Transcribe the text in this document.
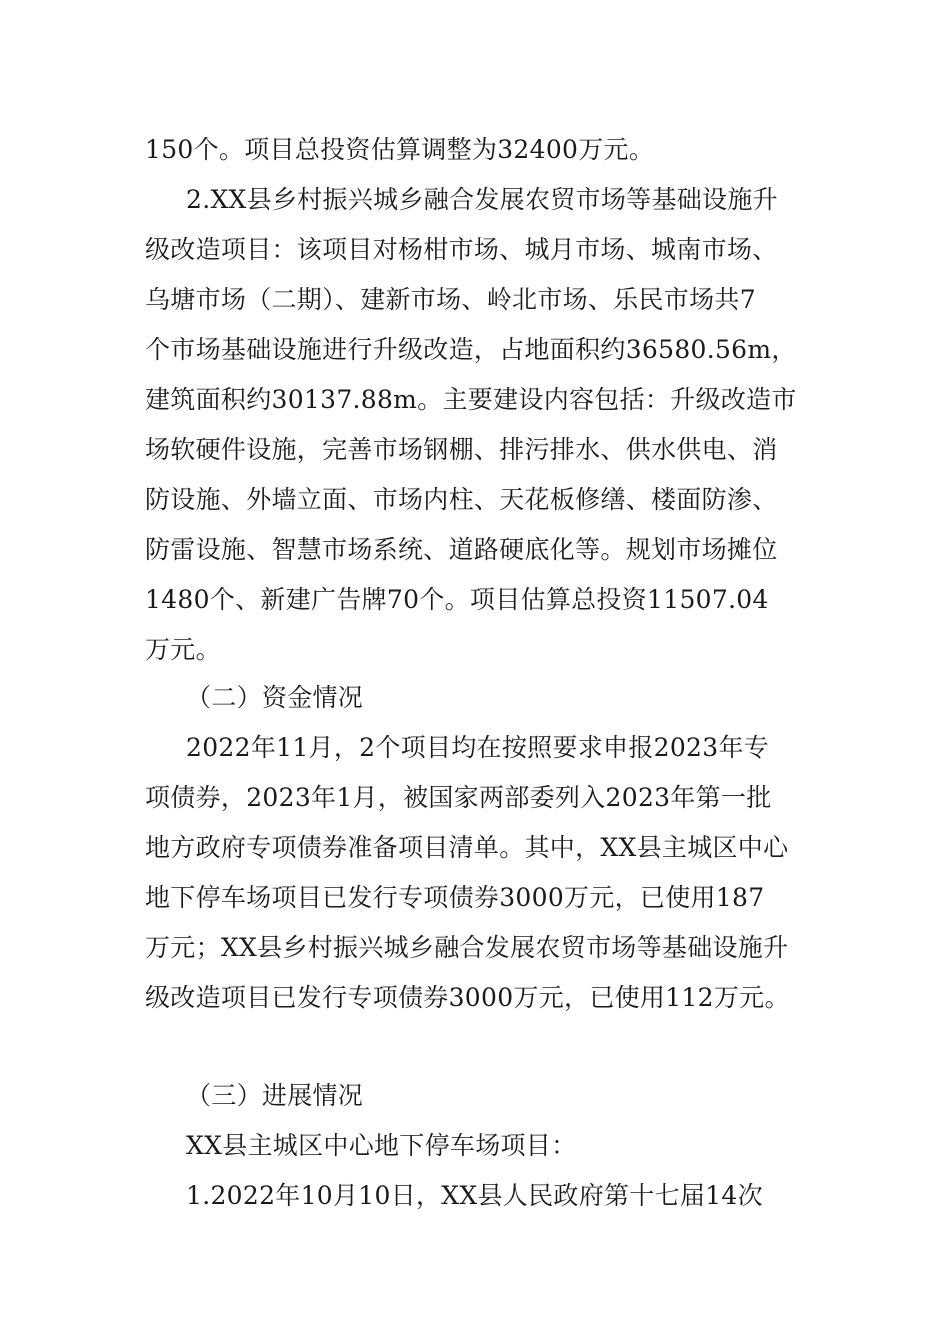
150个。项目总投资估算调整为32400万元。
2.XX县乡村振兴城乡融合发展农贸市场等基础设施升
级改造项目：该项目对杨柑市场、城月市场、城南市场、
乌塘市场（二期）、建新市场、岭北市场、乐民市场共7
个市场基础设施进行升级改造，占地面积约36580.56m，
建筑面积约30137.88m。主要建设内容包括：升级改造市
场软硬件设施，完善市场钢棚、排污排水、供水供电、消
防设施、外墙立面、市场内柱、天花板修缮、楼面防渗、
防雷设施、智慧市场系统、道路硬底化等。规划市场摊位
1480个、新建广告牌70个。项目估算总投资11507.04
万元。
（二）资金情况
2022年11月，2个项目均在按照要求申报2023年专
项债券，2023年1月，被国家两部委列入2023年第一批
地方政府专项债券准备项目清单。其中，XX县主城区中心
地下停车场项目已发行专项债券3000万元，已使用187
万元；XX县乡村振兴城乡融合发展农贸市场等基础设施升
级改造项目已发行专项债券3000万元，已使用112万元。
（三）进展情况
XX县主城区中心地下停车场项目：
1.2022年10月10日，XX县人民政府第十七届14次
